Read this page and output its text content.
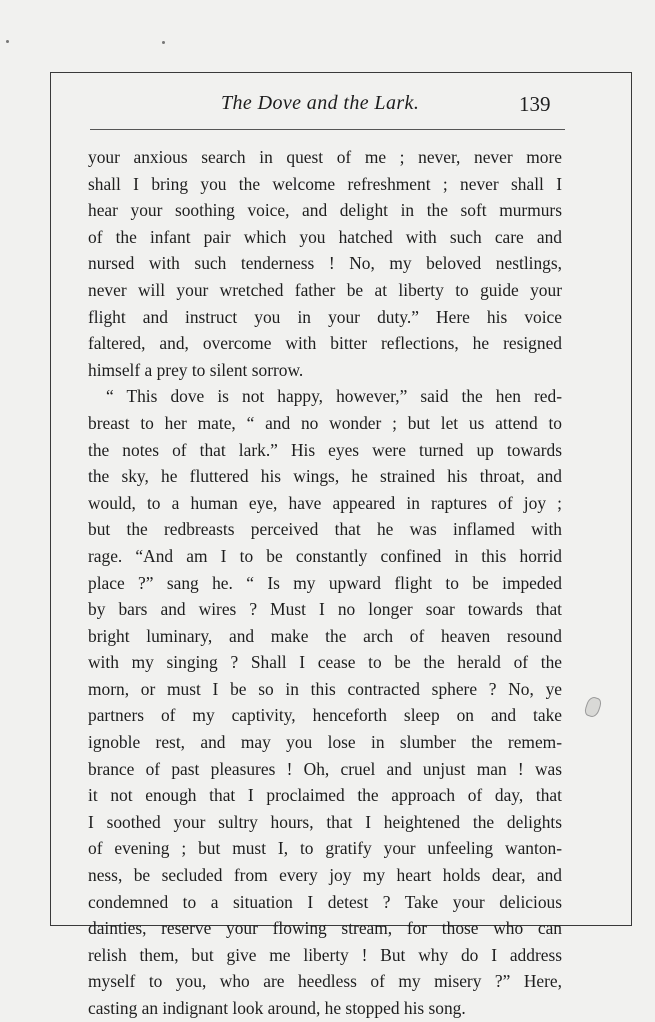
The Dove and the Lark.	139
your anxious search in quest of me ; never, never more
shall I bring you the welcome refreshment ; never shall I
hear your soothing voice, and delight in the soft murmurs
of the infant pair which you hatched with such care and
nursed with such tenderness ! No, my beloved nestlings,
never will your wretched father be at liberty to guide your
flight and instruct you in your duty.” Here his voice
faltered, and, overcome with bitter reflections, he resigned
himself a prey to silent sorrow.
“ This dove is not happy, however,” said the hen red-
breast to her mate, “ and no wonder ; but let us attend to
the notes of that lark.” His eyes were turned up towards
the sky, he fluttered his wings, he strained his throat, and
would, to a human eye, have appeared in raptures of joy ;
but the redbreasts perceived that he was inflamed with
rage. “And am I to be constantly confined in this horrid
place ?” sang he. “ Is my upward flight to be impeded
by bars and wires ? Must I no longer soar towards that
bright luminary, and make the arch of heaven resound
with my singing ? Shall I cease to be the herald of the
morn, or must I be so in this contracted sphere ? No, ye
partners of my captivity, henceforth sleep on and take
ignoble rest, and may you lose in slumber the remem-
brance of past pleasures ! Oh, cruel and unjust man ! was
it not enough that I proclaimed the approach of day, that
I soothed your sultry hours, that I heightened the delights
of evening ; but must I, to gratify your unfeeling wanton-
ness, be secluded from every joy my heart holds dear, and
condemned to a situation I detest ? Take your delicious
dainties, reserve your flowing stream, for those who can
relish them, but give me liberty ! But why do I address
myself to you, who are heedless of my misery ?” Here,
casting an indignant look around, he stopped his song.
